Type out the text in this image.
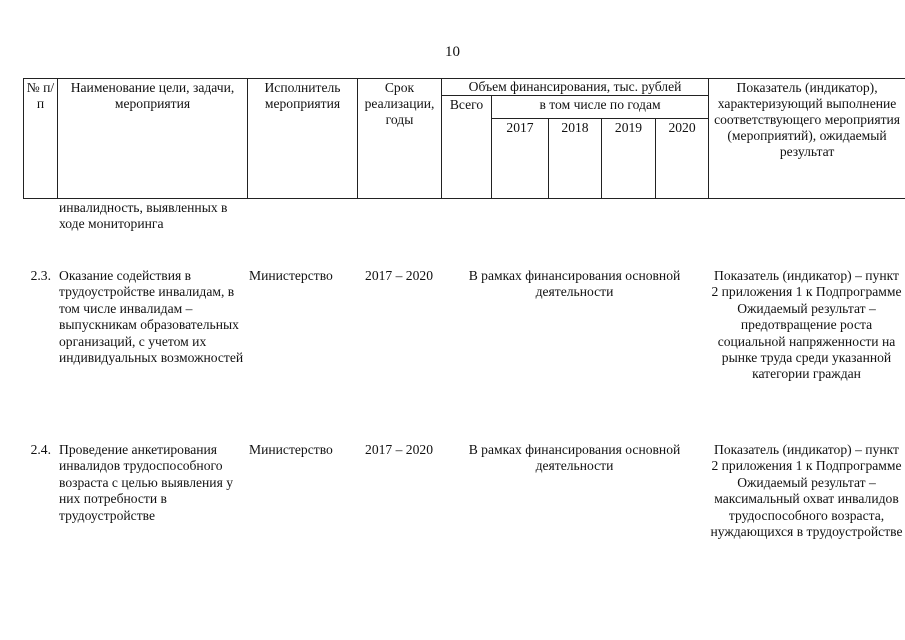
10
№ п/п	Наименование цели, задачи, мероприятия	Исполнитель мероприятия	Срок реализации, годы	Объем финансирования, тыс. рублей					Показатель (индикатор), характеризующий выполнение соответствующего мероприятия (мероприятий), ожидаемый результат
				Всего	в том числе по годам				
					2017	2018	2019	2020	
	инвалидность, выявленных в ходе мониторинга				
2.3.	Оказание содействия в трудоустройстве инвалидам, в том числе инвалидам – выпускникам образовательных организаций, с учетом их индивидуальных возможностей	Министерство	2017 – 2020	В рамках финансирования основной деятельности	Показатель (индикатор) – пункт 2 приложения 1 к Подпрограмме Ожидаемый результат – предотвращение роста социальной напряженности на рынке труда среди указанной категории граждан
2.4.	Проведение анкетирования инвалидов трудоспособного возраста с целью выявления у них потребности в трудоустройстве	Министерство	2017 – 2020	В рамках финансирования основной деятельности	Показатель (индикатор) – пункт 2 приложения 1 к Подпрограмме Ожидаемый результат – максимальный охват инвалидов трудоспособного возраста, нуждающихся в трудоустройстве
